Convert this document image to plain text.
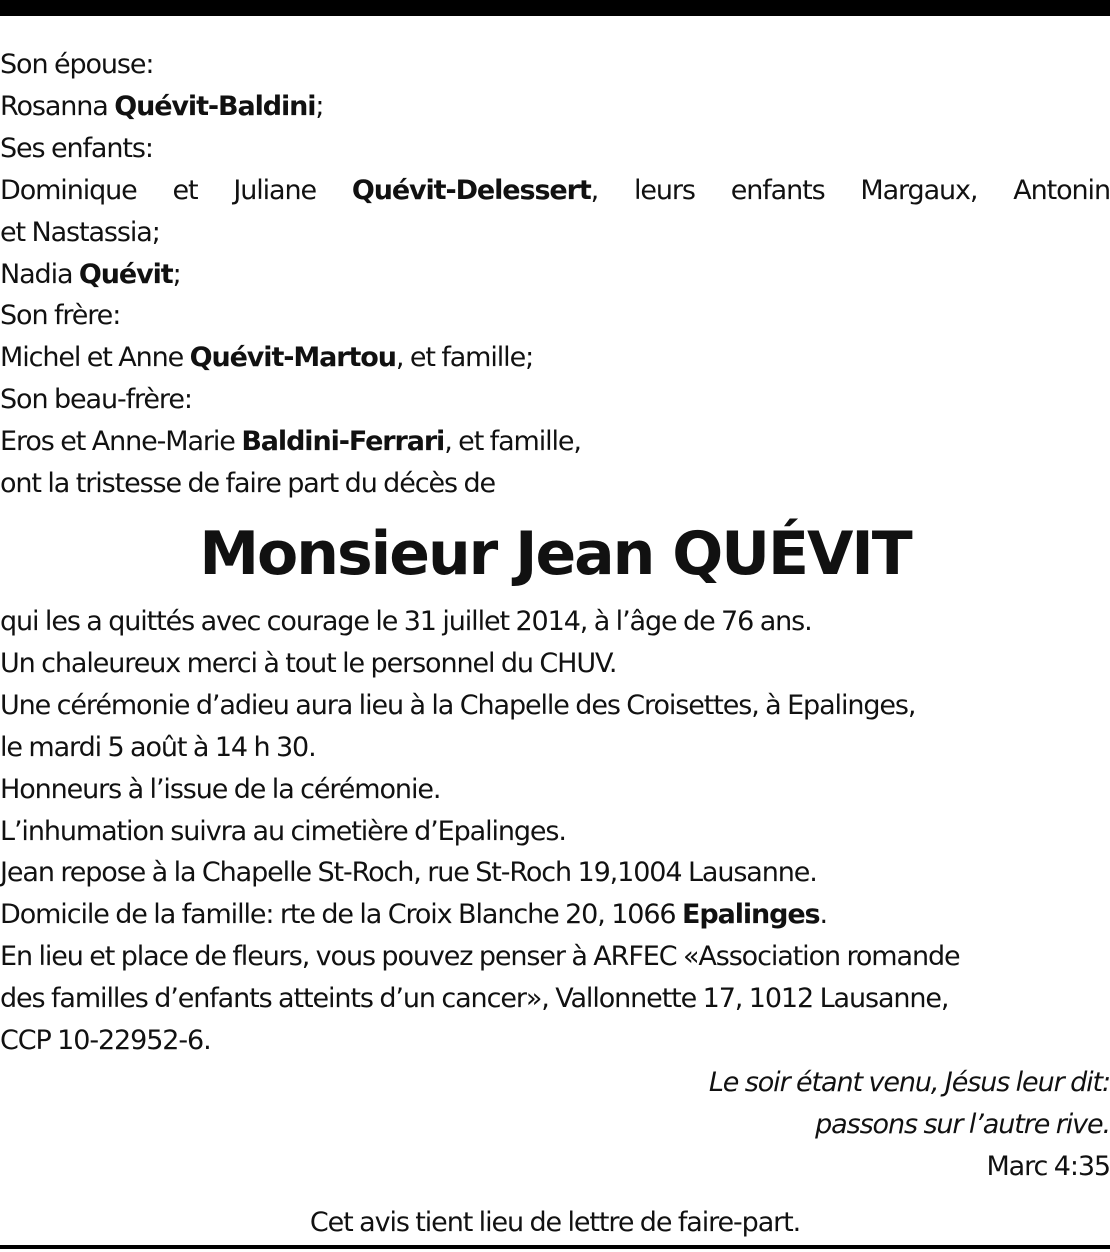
Son épouse:
Rosanna Quévit-Baldini;
Ses enfants:
Dominique et Juliane Quévit-Delessert, leurs enfants Margaux, Antonin
et Nastassia;
Nadia Quévit;
Son frère:
Michel et Anne Quévit-Martou, et famille;
Son beau-frère:
Eros et Anne-Marie Baldini-Ferrari, et famille,
ont la tristesse de faire part du décès de
Monsieur Jean QUÉVIT
qui les a quittés avec courage le 31 juillet 2014, à l’âge de 76 ans.
Un chaleureux merci à tout le personnel du CHUV.
Une cérémonie d’adieu aura lieu à la Chapelle des Croisettes, à Epalinges,
le mardi 5 août à 14 h 30.
Honneurs à l’issue de la cérémonie.
L’inhumation suivra au cimetière d’Epalinges.
Jean repose à la Chapelle St-Roch, rue St-Roch 19,1004 Lausanne.
Domicile de la famille: rte de la Croix Blanche 20, 1066 Epalinges.
En lieu et place de fleurs, vous pouvez penser à ARFEC «Association romande
des familles d’enfants atteints d’un cancer», Vallonnette 17, 1012 Lausanne,
CCP 10-22952-6.
Le soir étant venu, Jésus leur dit:
passons sur l’autre rive.
Marc 4:35
Cet avis tient lieu de lettre de faire-part.
